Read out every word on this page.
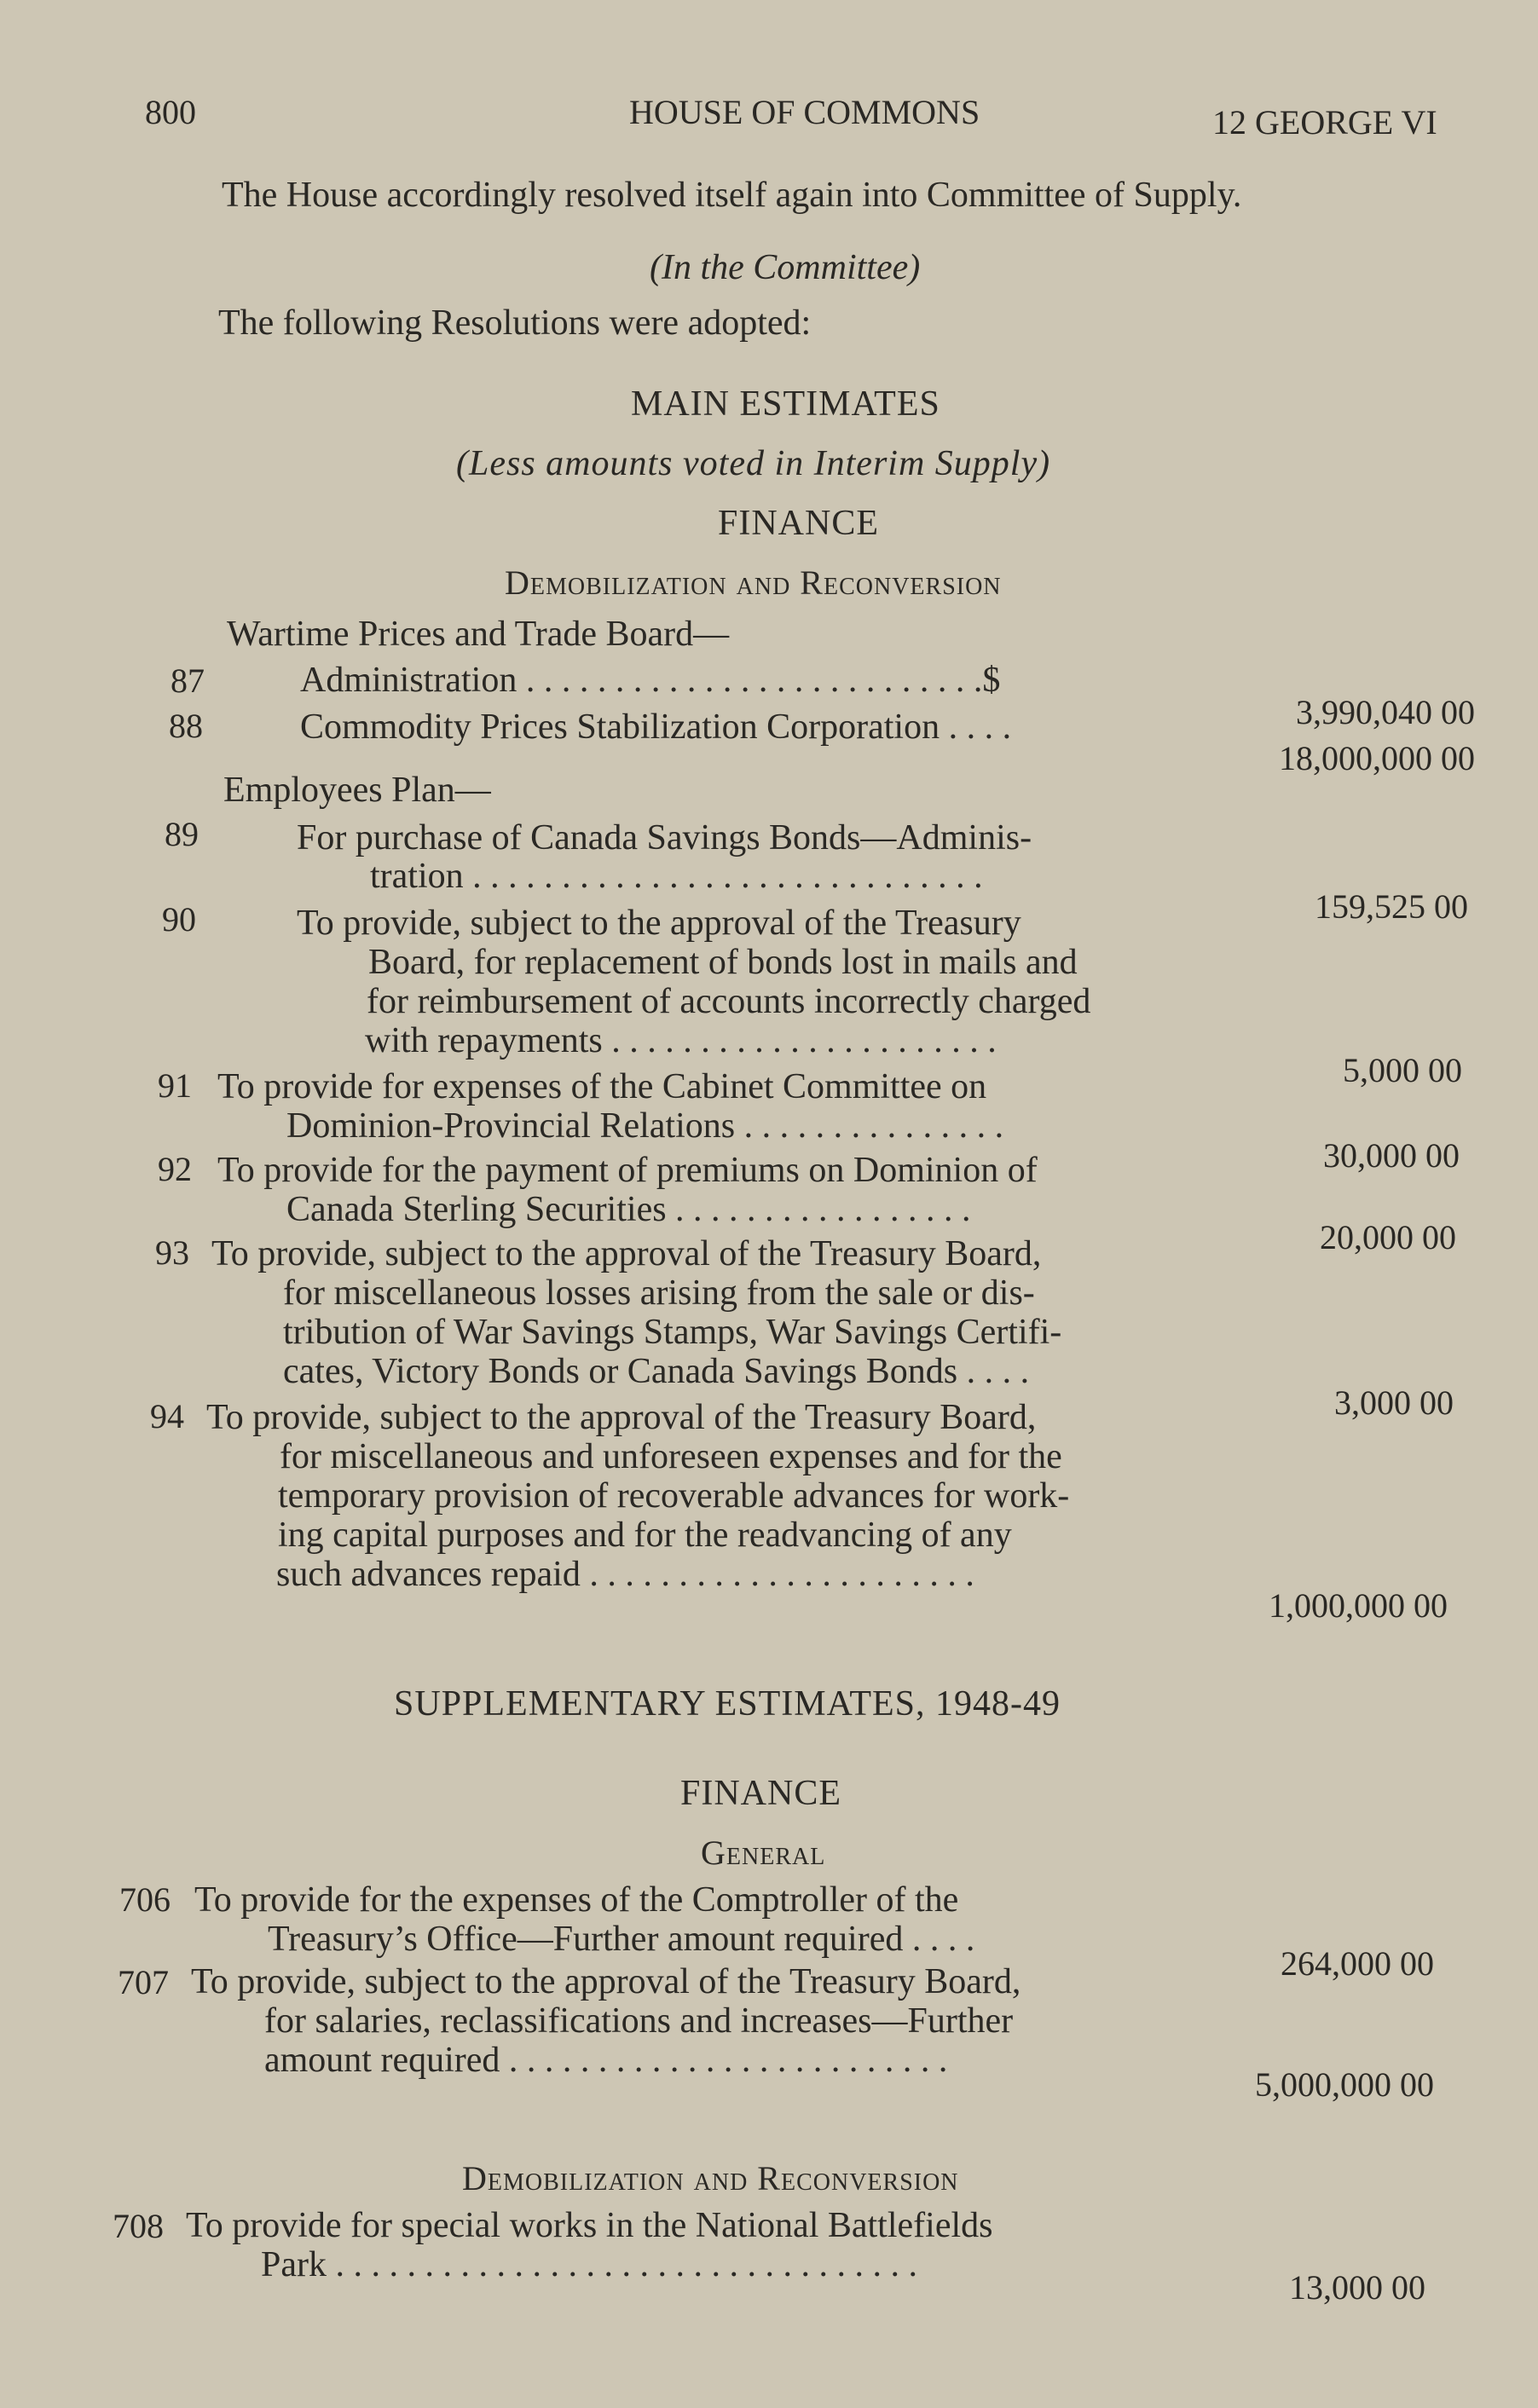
800	HOUSE OF COMMONS	12 GEORGE VI
The House accordingly resolved itself again into Committee of Supply.
(In the Committee)
The following Resolutions were adopted:
MAIN ESTIMATES
(Less amounts voted in Interim Supply)
FINANCE
Demobilization and Reconversion
Wartime Prices and Trade Board—
87	Administration . . . . . . . . . . . . . . . . . . . . . . . . . .$
3,990,040 00
88	Commodity Prices Stabilization Corporation . . . .
18,000,000 00
Employees Plan—
89	For purchase of Canada Savings Bonds—Adminis-
tration . . . . . . . . . . . . . . . . . . . . . . . . . . . . .
159,525 00
90	To provide, subject to the approval of the Treasury
Board, for replacement of bonds lost in mails and
for reimbursement of accounts incorrectly charged
with repayments . . . . . . . . . . . . . . . . . . . . . .
5,000 00
91 To provide for expenses of the Cabinet Committee on
Dominion-Provincial Relations . . . . . . . . . . . . . . .
30,000 00
92 To provide for the payment of premiums on Dominion of
Canada Sterling Securities . . . . . . . . . . . . . . . . .
20,000 00
93 To provide, subject to the approval of the Treasury Board,
for miscellaneous losses arising from the sale or dis-
tribution of War Savings Stamps, War Savings Certifi-
cates, Victory Bonds or Canada Savings Bonds . . . .
3,000 00
94 To provide, subject to the approval of the Treasury Board,
for miscellaneous and unforeseen expenses and for the
temporary provision of recoverable advances for work-
ing capital purposes and for the readvancing of any
such advances repaid . . . . . . . . . . . . . . . . . . . . . .
1,000,000 00
SUPPLEMENTARY ESTIMATES, 1948-49
FINANCE
General
706 To provide for the expenses of the Comptroller of the
Treasury’s Office—Further amount required . . . .
264,000 00
707 To provide, subject to the approval of the Treasury Board,
for salaries, reclassifications and increases—Further
amount required . . . . . . . . . . . . . . . . . . . . . . . . .
5,000,000 00
Demobilization and Reconversion
708 To provide for special works in the National Battlefields
Park . . . . . . . . . . . . . . . . . . . . . . . . . . . . . . . . .
13,000 00
